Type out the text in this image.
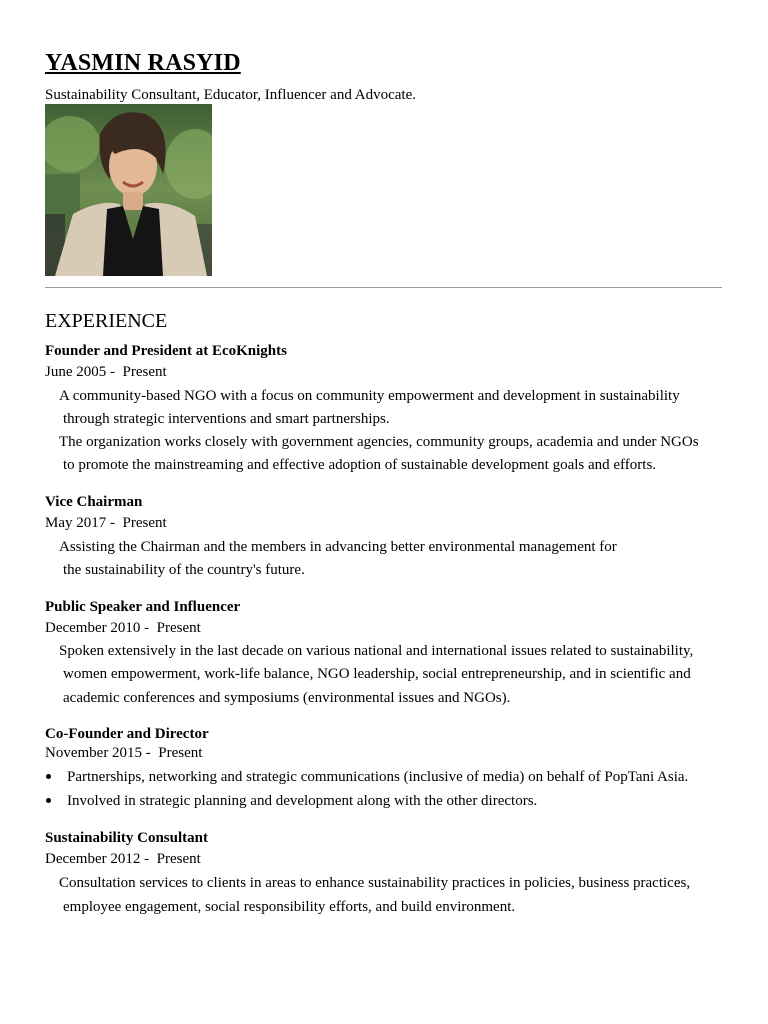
YASMIN RASYID
Sustainability Consultant, Educator, Influencer and Advocate.
EXPERIENCE
Founder and President at EcoKnights
June 2005 -  Present
A community-based NGO with a focus on community empowerment and development in sustainability
through strategic interventions and smart partnerships.
The organization works closely with government agencies, community groups, academia and under NGOs
to promote the mainstreaming and effective adoption of sustainable development goals and efforts.
Vice Chairman
May 2017 -  Present
Assisting the Chairman and the members in advancing better environmental management for
the sustainability of the country's future.
Public Speaker and Influencer
December 2010 -  Present
Spoken extensively in the last decade on various national and international issues related to sustainability,
women empowerment, work-life balance, NGO leadership, social entrepreneurship, and in scientific and
academic conferences and symposiums (environmental issues and NGOs).
Co-Founder and Director
November 2015 -  Present
Partnerships, networking and strategic communications (inclusive of media) on behalf of PopTani Asia.
Involved in strategic planning and development along with the other directors.
Sustainability Consultant
December 2012 -  Present
Consultation services to clients in areas to enhance sustainability practices in policies, business practices,
employee engagement, social responsibility efforts, and build environment.
